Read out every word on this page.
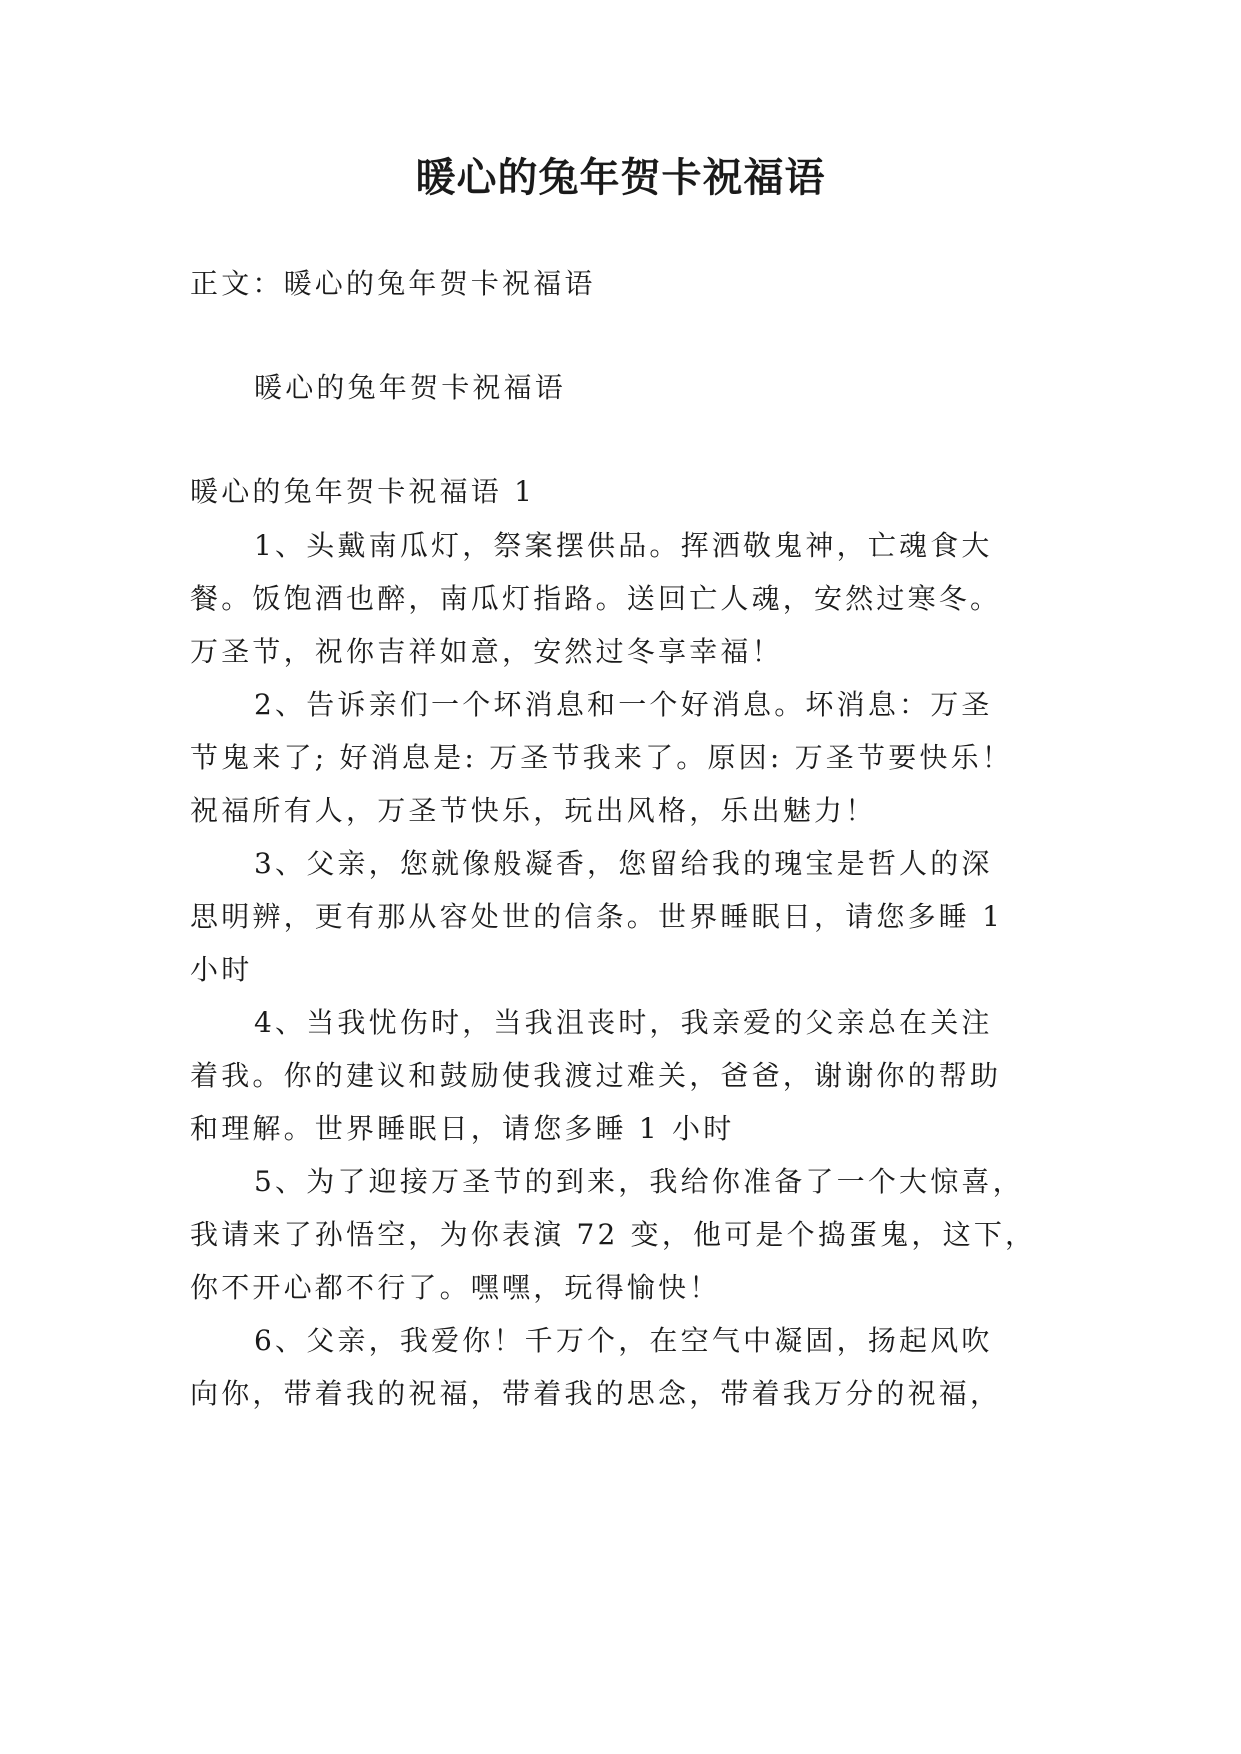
暖心的兔年贺卡祝福语
正文：暖心的兔年贺卡祝福语
暖心的兔年贺卡祝福语
暖心的兔年贺卡祝福语 1
1、头戴南瓜灯，祭案摆供品。挥洒敬鬼神，亡魂食大
餐。饭饱酒也醉，南瓜灯指路。送回亡人魂，安然过寒冬。
万圣节，祝你吉祥如意，安然过冬享幸福！
2、告诉亲们一个坏消息和一个好消息。坏消息：万圣
节鬼来了; 好消息是: 万圣节我来了。原因: 万圣节要快乐！
祝福所有人，万圣节快乐，玩出风格，乐出魅力！
3、父亲，您就像般凝香，您留给我的瑰宝是哲人的深
思明辨，更有那从容处世的信条。世界睡眠日，请您多睡 1
小时
4、当我忧伤时，当我沮丧时，我亲爱的父亲总在关注
着我。你的建议和鼓励使我渡过难关，爸爸，谢谢你的帮助
和理解。世界睡眠日，请您多睡 1 小时
5、为了迎接万圣节的到来，我给你准备了一个大惊喜，
我请来了孙悟空，为你表演 72 变，他可是个捣蛋鬼，这下，
你不开心都不行了。嘿嘿，玩得愉快！
6、父亲，我爱你！千万个，在空气中凝固，扬起风吹
向你，带着我的祝福，带着我的思念，带着我万分的祝福，
